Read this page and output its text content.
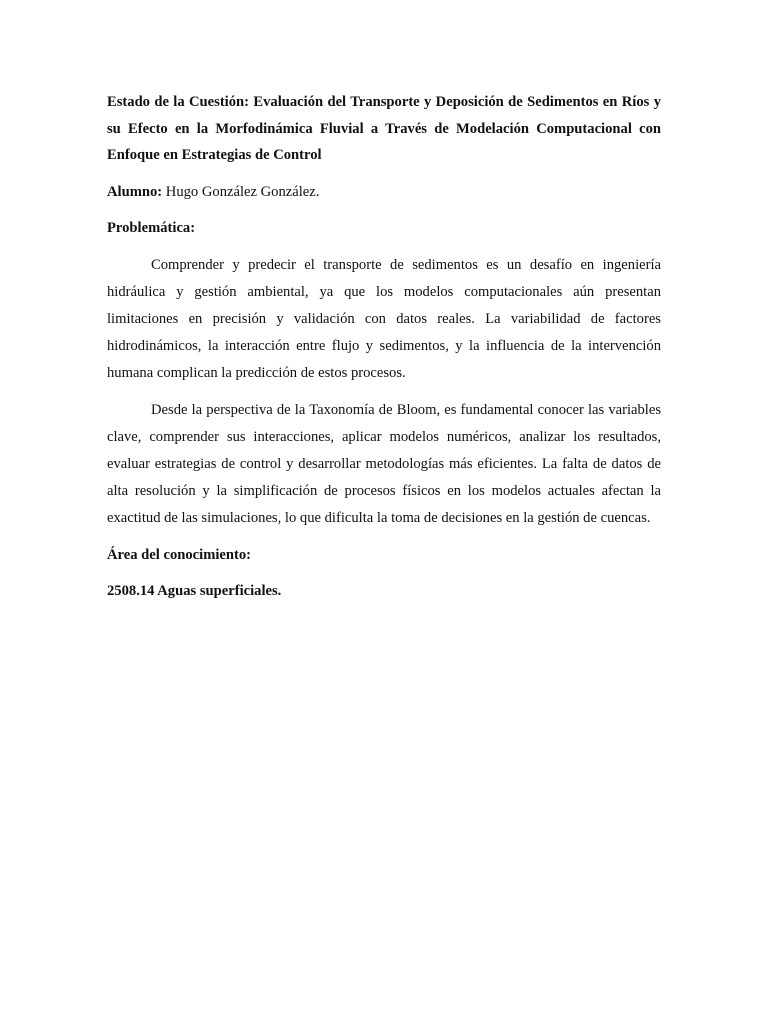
Estado de la Cuestión: Evaluación del Transporte y Deposición de Sedimentos en Ríos y su Efecto en la Morfodinámica Fluvial a Través de Modelación Computacional con Enfoque en Estrategias de Control

Alumno: Hugo González González.

Problemática:

Comprender y predecir el transporte de sedimentos es un desafío en ingeniería hidráulica y gestión ambiental, ya que los modelos computacionales aún presentan limitaciones en precisión y validación con datos reales. La variabilidad de factores hidrodinámicos, la interacción entre flujo y sedimentos, y la influencia de la intervención humana complican la predicción de estos procesos.

Desde la perspectiva de la Taxonomía de Bloom, es fundamental conocer las variables clave, comprender sus interacciones, aplicar modelos numéricos, analizar los resultados, evaluar estrategias de control y desarrollar metodologías más eficientes. La falta de datos de alta resolución y la simplificación de procesos físicos en los modelos actuales afectan la exactitud de las simulaciones, lo que dificulta la toma de decisiones en la gestión de cuencas.

Área del conocimiento:

2508.14 Aguas superficiales.
